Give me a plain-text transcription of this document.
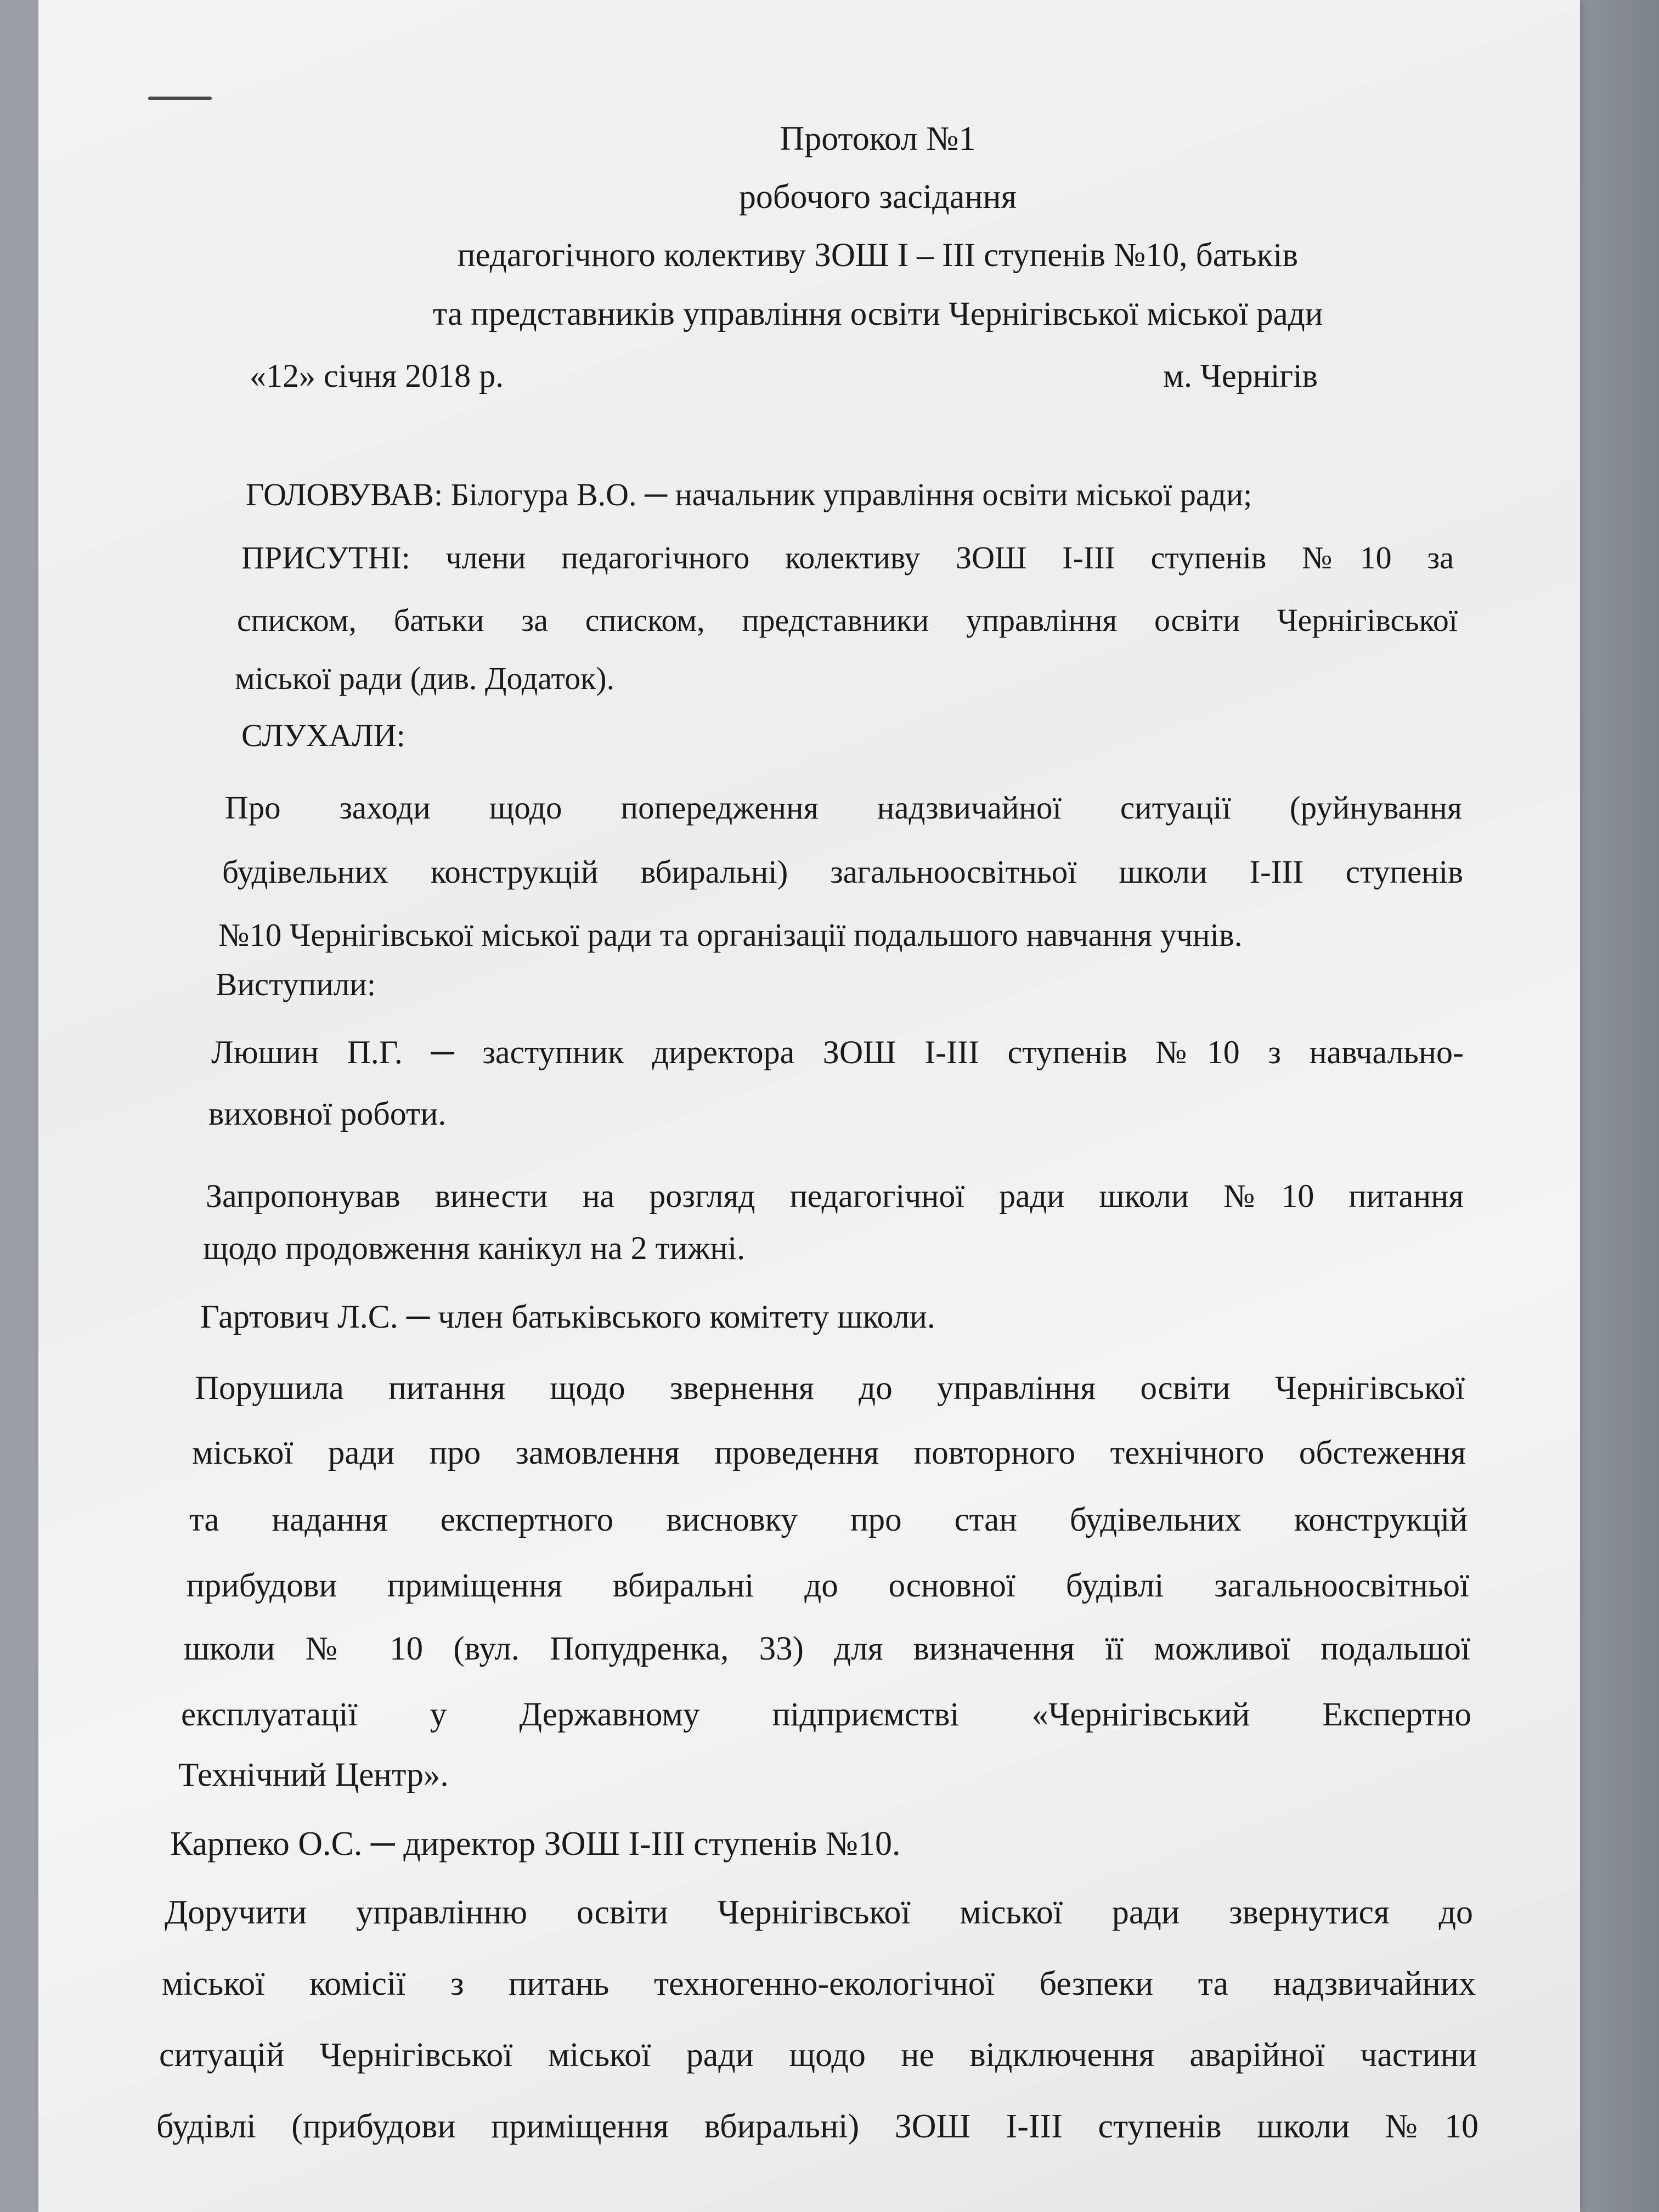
Протокол №1

робочого засідання

педагогічного колективу ЗОШ І – ІІІ ступенів №10, батьків

та представників управління освіти Чернігівської міської ради

«12» січня 2018 р.	м. Чернігів

ГОЛОВУВАВ: Білогура В.О. ─ начальник управління освіти міської ради;

ПРИСУТНІ: члени педагогічного колективу ЗОШ І-ІІІ ступенів №10 за

списком, батьки за списком, представники управління освіти Чернігівської

міської ради (див. Додаток).

СЛУХАЛИ:

Про заходи щодо попередження надзвичайної ситуації (руйнування

будівельних конструкцій вбиральні) загальноосвітньої школи І-ІІІ ступенів

№10 Чернігівської міської ради та організації подальшого навчання учнів.

Виступили:

Люшин П.Г. ─ заступник директора ЗОШ І-ІІІ ступенів №10 з навчально-

виховної роботи.

Запропонував винести на розгляд педагогічної ради школи №10 питання

щодо продовження канікул на 2 тижні.

Гартович Л.С. ─ член батьківського комітету школи.

Порушила питання щодо звернення до управління освіти Чернігівської

міської ради про замовлення проведення повторного технічного обстеження

та надання експертного висновку про стан будівельних конструкцій

прибудови приміщення вбиральні до основної будівлі загальноосвітньої

школи № 10 (вул. Попудренка, 33) для визначення її можливої подальшої

експлуатації у Державному підприємстві «Чернігівський Експертно

Технічний Центр».

Карпеко О.С. ─ директор ЗОШ І-ІІІ ступенів №10.

Доручити управлінню освіти Чернігівської міської ради звернутися до

міської комісії з питань техногенно-екологічної безпеки та надзвичайних

ситуацій Чернігівської міської ради щодо не відключення аварійної частини

будівлі (прибудови приміщення вбиральні) ЗОШ І-ІІІ ступенів школи №10
